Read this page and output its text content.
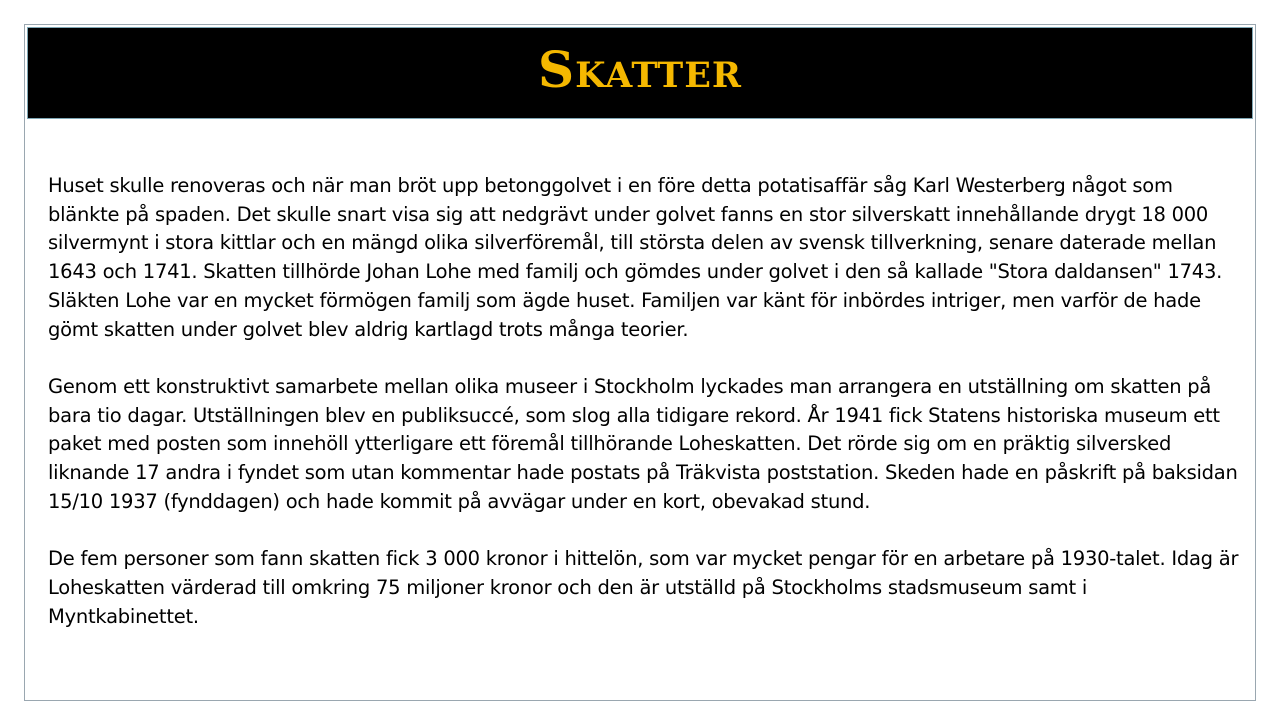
Skatter

Huset skulle renoveras och när man bröt upp betonggolvet i en före detta potatisaffär såg Karl Westerberg något som blänkte på spaden. Det skulle snart visa sig att nedgrävt under golvet fanns en stor silverskatt innehållande drygt 18 000 silvermynt i stora kittlar och en mängd olika silverföremål, till största delen av svensk tillverkning, senare daterade mellan 1643 och 1741. Skatten tillhörde Johan Lohe med familj och gömdes under golvet i den så kallade "Stora daldansen" 1743. Släkten Lohe var en mycket förmögen familj som ägde huset. Familjen var känt för inbördes intriger, men varför de hade gömt skatten under golvet blev aldrig kartlagd trots många teorier.

Genom ett konstruktivt samarbete mellan olika museer i Stockholm lyckades man arrangera en utställning om skatten på bara tio dagar. Utställningen blev en publiksuccé, som slog alla tidigare rekord. År 1941 fick Statens historiska museum ett paket med posten som innehöll ytterligare ett föremål tillhörande Loheskatten. Det rörde sig om en präktig silversked liknande 17 andra i fyndet som utan kommentar hade postats på Träkvista poststation. Skeden hade en påskrift på baksidan 15/10 1937 (fynddagen) och hade kommit på avvägar under en kort, obevakad stund.

De fem personer som fann skatten fick 3 000 kronor i hittelön, som var mycket pengar för en arbetare på 1930-talet. Idag är Loheskatten värderad till omkring 75 miljoner kronor och den är utställd på Stockholms stadsmuseum samt i Myntkabinettet.
